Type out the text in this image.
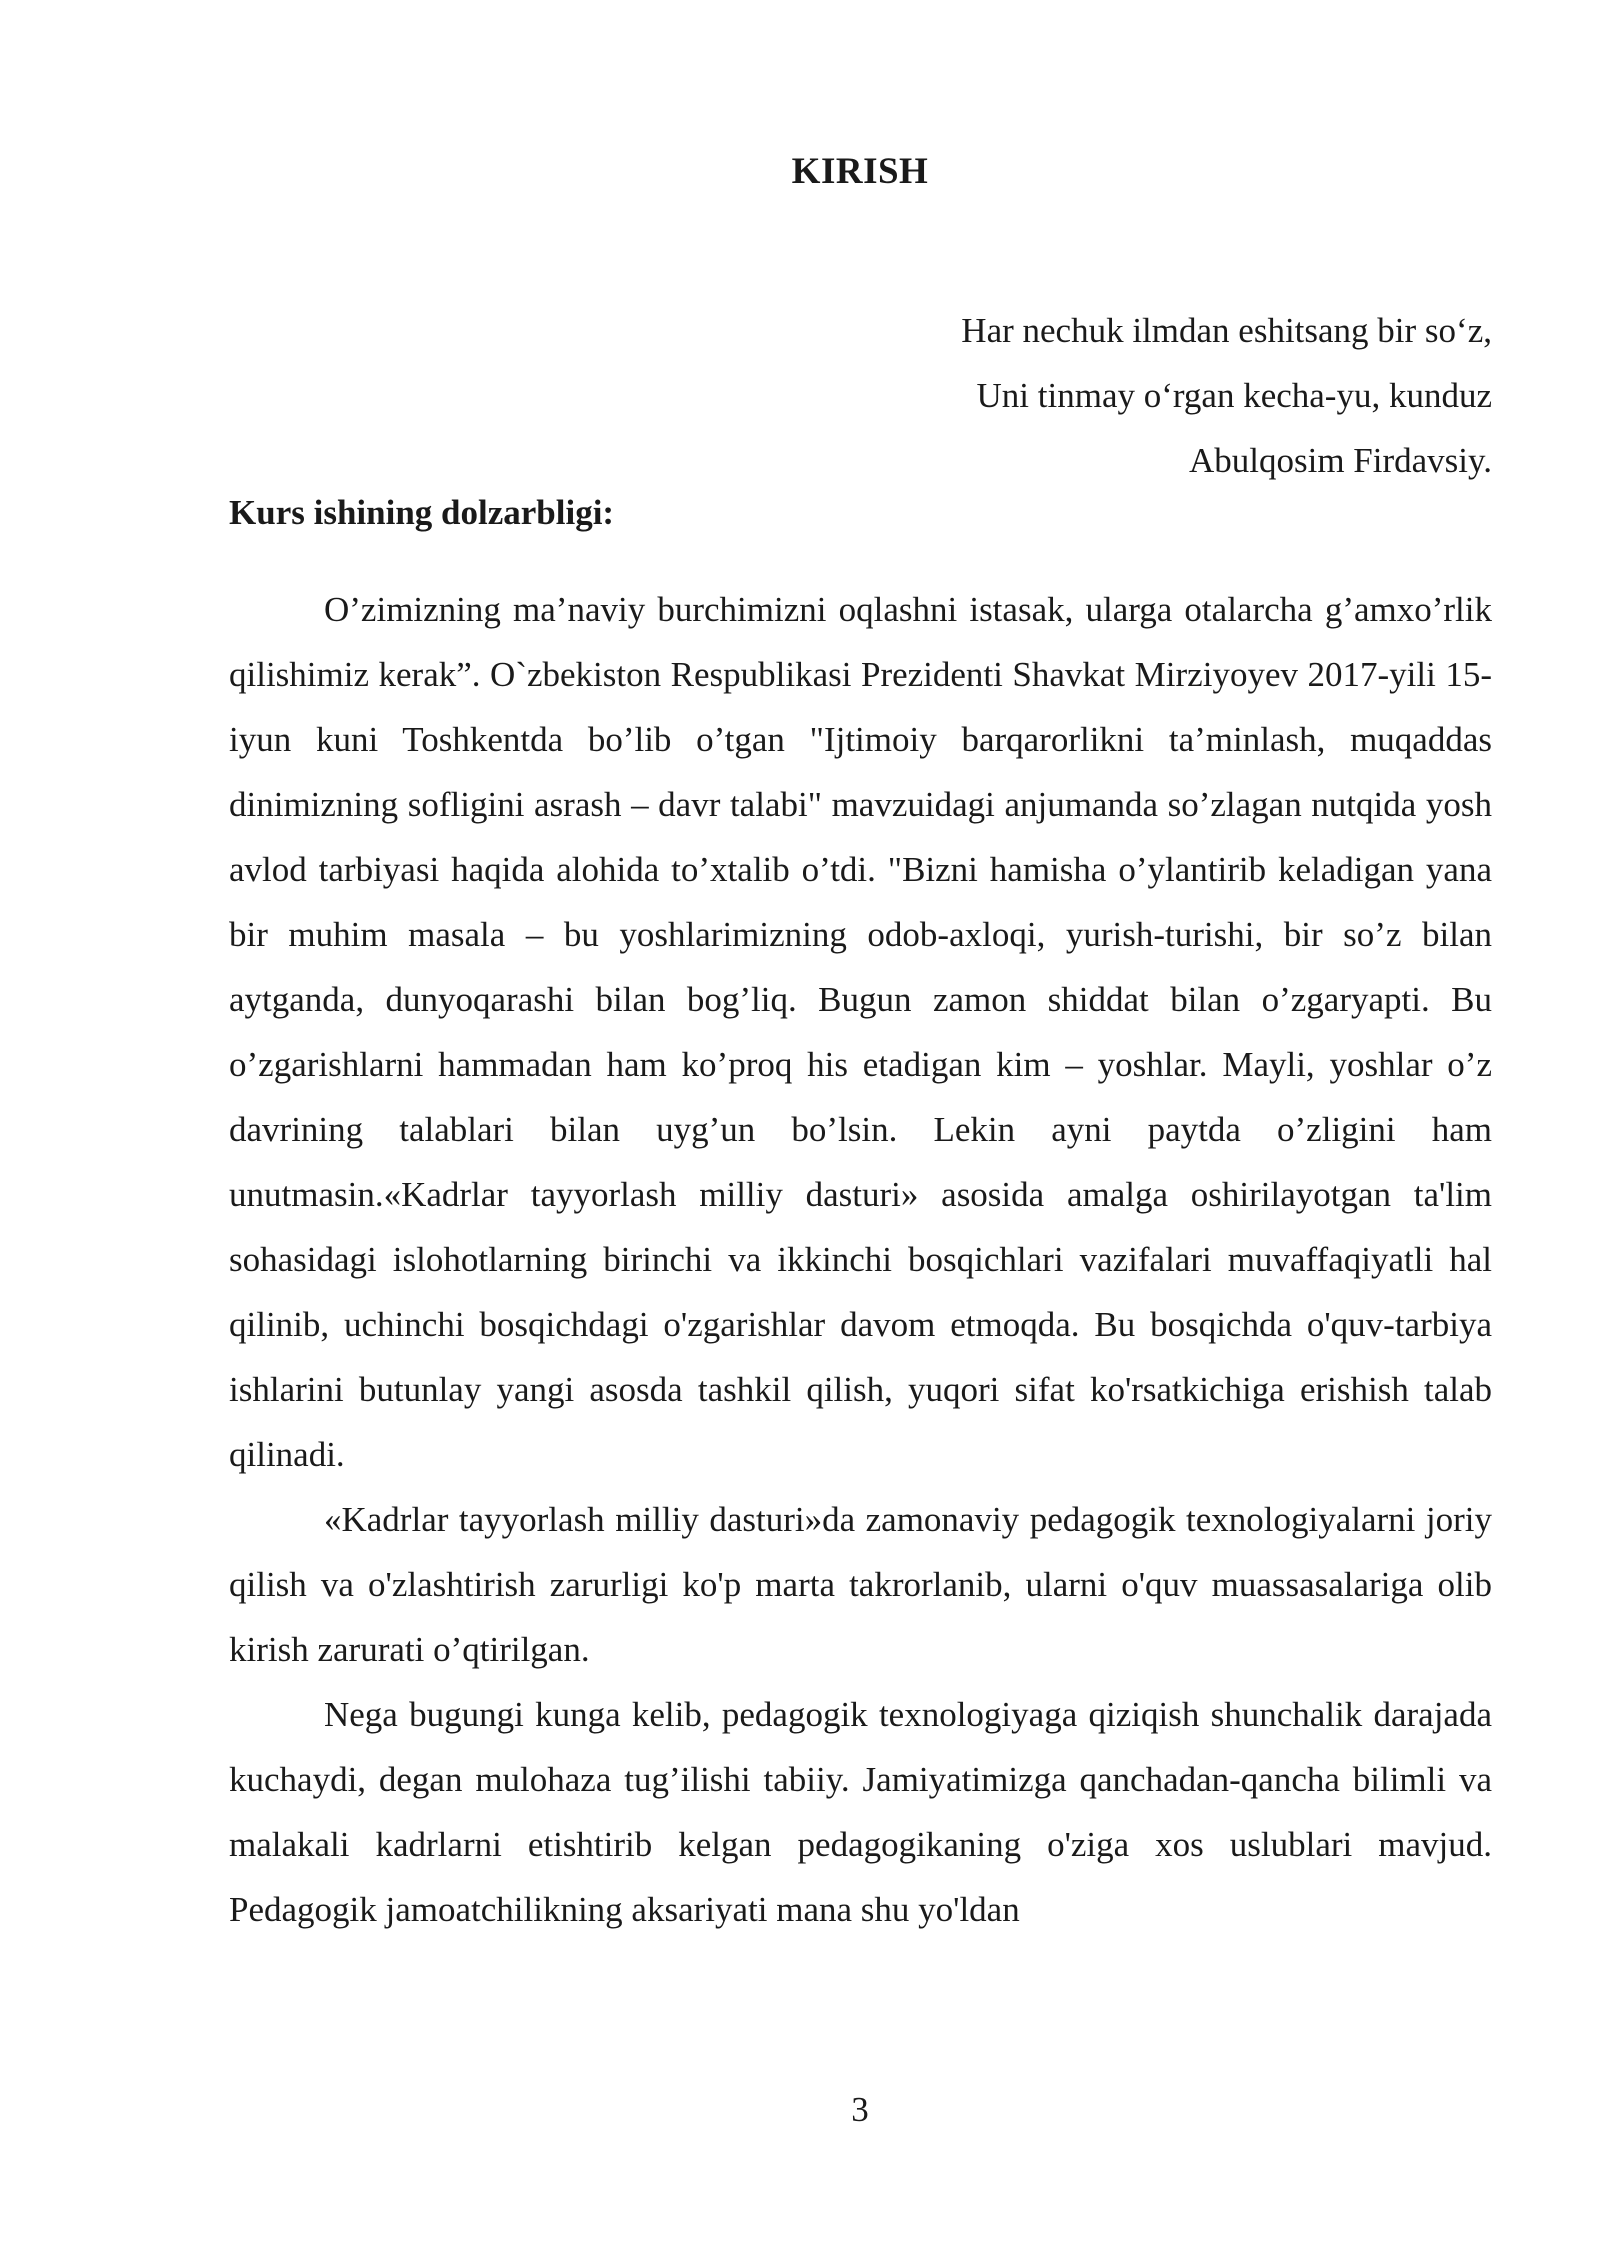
KIRISH
Har nechuk ilmdan eshitsang bir so‘z,
Uni tinmay o‘rgan kecha-yu, kunduz
Abulqosim Firdavsiy.
Kurs ishining dolzarbligi:

O’zimizning ma’naviy burchimizni oqlashni istasak, ularga otalarcha g’amxo’rlik qilishimiz kerak”. O`zbekiston Respublikasi Prezidenti Shavkat Mirziyoyev 2017-yili 15-iyun kuni Toshkentda bo’lib o’tgan "Ijtimoiy barqarorlikni ta’minlash, muqaddas dinimizning sofligini asrash – davr talabi" mavzuidagi anjumanda so’zlagan nutqida yosh avlod tarbiyasi haqida alohida to’xtalib o’tdi. "Bizni hamisha o’ylantirib keladigan yana bir muhim masala – bu yoshlarimizning odob-axloqi, yurish-turishi, bir so’z bilan aytganda, dunyoqarashi bilan bog’liq. Bugun zamon shiddat bilan o’zgaryapti. Bu o’zgarishlarni hammadan ham ko’proq his etadigan kim – yoshlar. Mayli, yoshlar o’z davrining talablari bilan uyg’un bo’lsin. Lekin ayni paytda o’zligini ham unutmasin.«Kadrlar tayyorlash milliy dasturi» asosida amalga oshirilayotgan ta'lim sohasidagi islohotlarning birinchi va ikkinchi bosqichlari vazifalari muvaffaqiyatli hal qilinib, uchinchi bosqichdagi o'zgarishlar davom etmoqda. Bu bosqichda o'quv-tarbiya ishlarini butunlay yangi asosda tashkil qilish, yuqori sifat ko'rsatkichiga erishish talab qilinadi.

«Kadrlar tayyorlash milliy dasturi»da zamonaviy pedagogik texnologiyalarni joriy qilish va o'zlashtirish zarurligi ko'p marta takrorlanib, ularni o'quv muassasalariga olib kirish zarurati o’qtirilgan.

Nega bugungi kunga kelib, pedagogik texnologiyaga qiziqish shunchalik darajada kuchaydi, degan mulohaza tug’ilishi tabiiy. Jamiyatimizga qanchadan-qancha bilimli va malakali kadrlarni etishtirib kelgan pedagogikaning o'ziga xos uslublari mavjud. Pedagogik jamoatchilikning aksariyati mana shu yo'ldan

3
